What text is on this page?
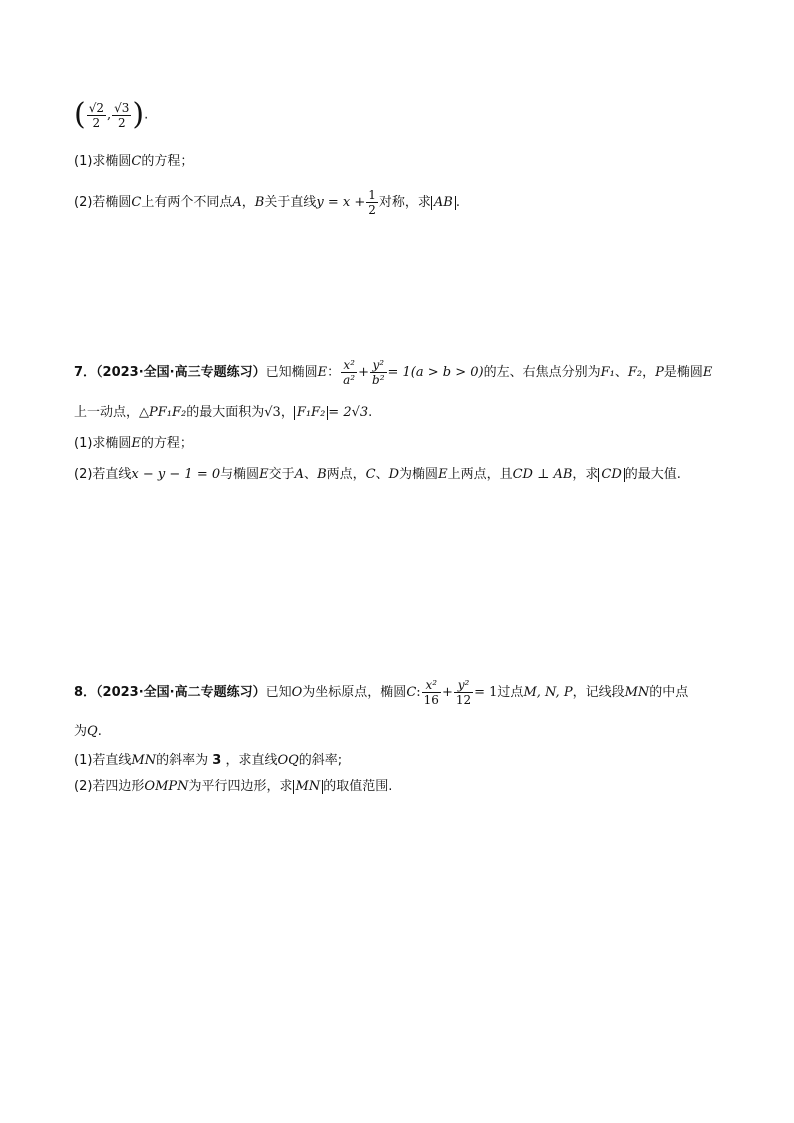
( $\frac{√2}{2}$ , $\frac{√3}{2}$ ).
(1)求椭圆C的方程；
(2)若椭圆C上有两个不同点A，B关于直线$y = x + \frac{1}{2}$ 对称，求 AB .
7．（2023·全国·高三专题练习）已知椭圆E： $\frac{\text{x²}}{\text{a²}} + \frac{\text{y²}}{\text{b²}} = 1(a > b > 0)$的左、右焦点分别为F₁、F₂，P是椭圆E
上一动点，△PF₁F₂的最大面积为√3， F₁F₂ = 2√3.
(1)求椭圆E的方程；
(2)若直线x − y − 1 = 0与椭圆E交于A、B两点，C、D为椭圆E上两点，且CD ⊥ AB，求 CD 的最大值.
8．（2023·全国·高二专题练习）已知O为坐标原点，椭圆C: $\frac{\text{x²}}{16} + \frac{\text{y²}}{12} = 1$过点M, N, P，记线段MN的中点
为Q.
(1)若直线MN的斜率为 3 ，求直线OQ的斜率;
(2)若四边形OMPN为平行四边形，求 MN 的取值范围.
